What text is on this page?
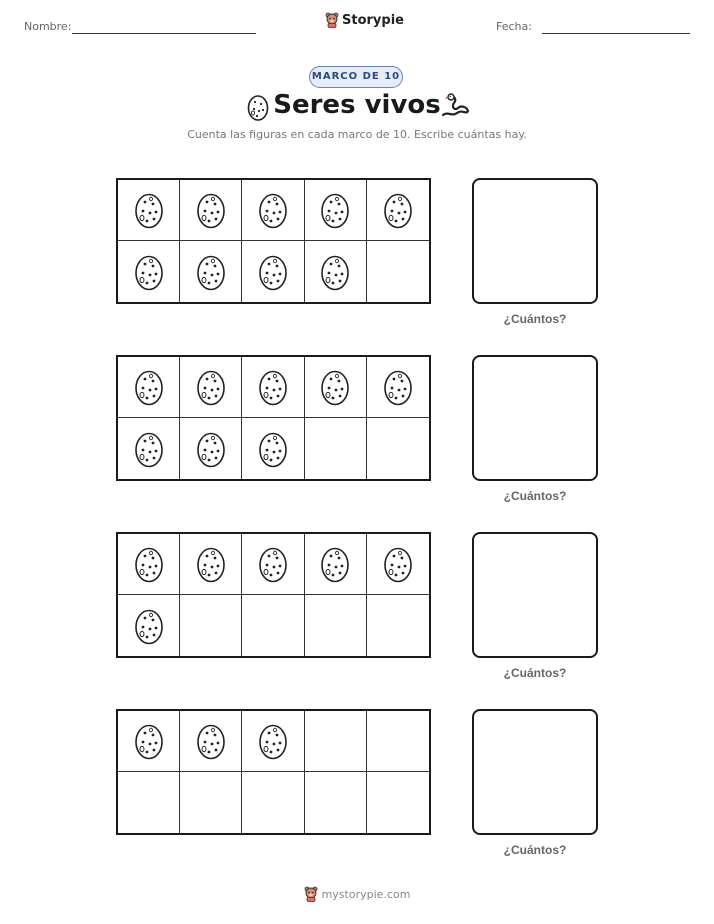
Nombre:	Storypie	Fecha:
MARCO DE 10
Seres vivos
Cuenta las figuras en cada marco de 10. Escribe cuántas hay.
¿Cuántos?
¿Cuántos?
¿Cuántos?
¿Cuántos?
mystorypie.com
